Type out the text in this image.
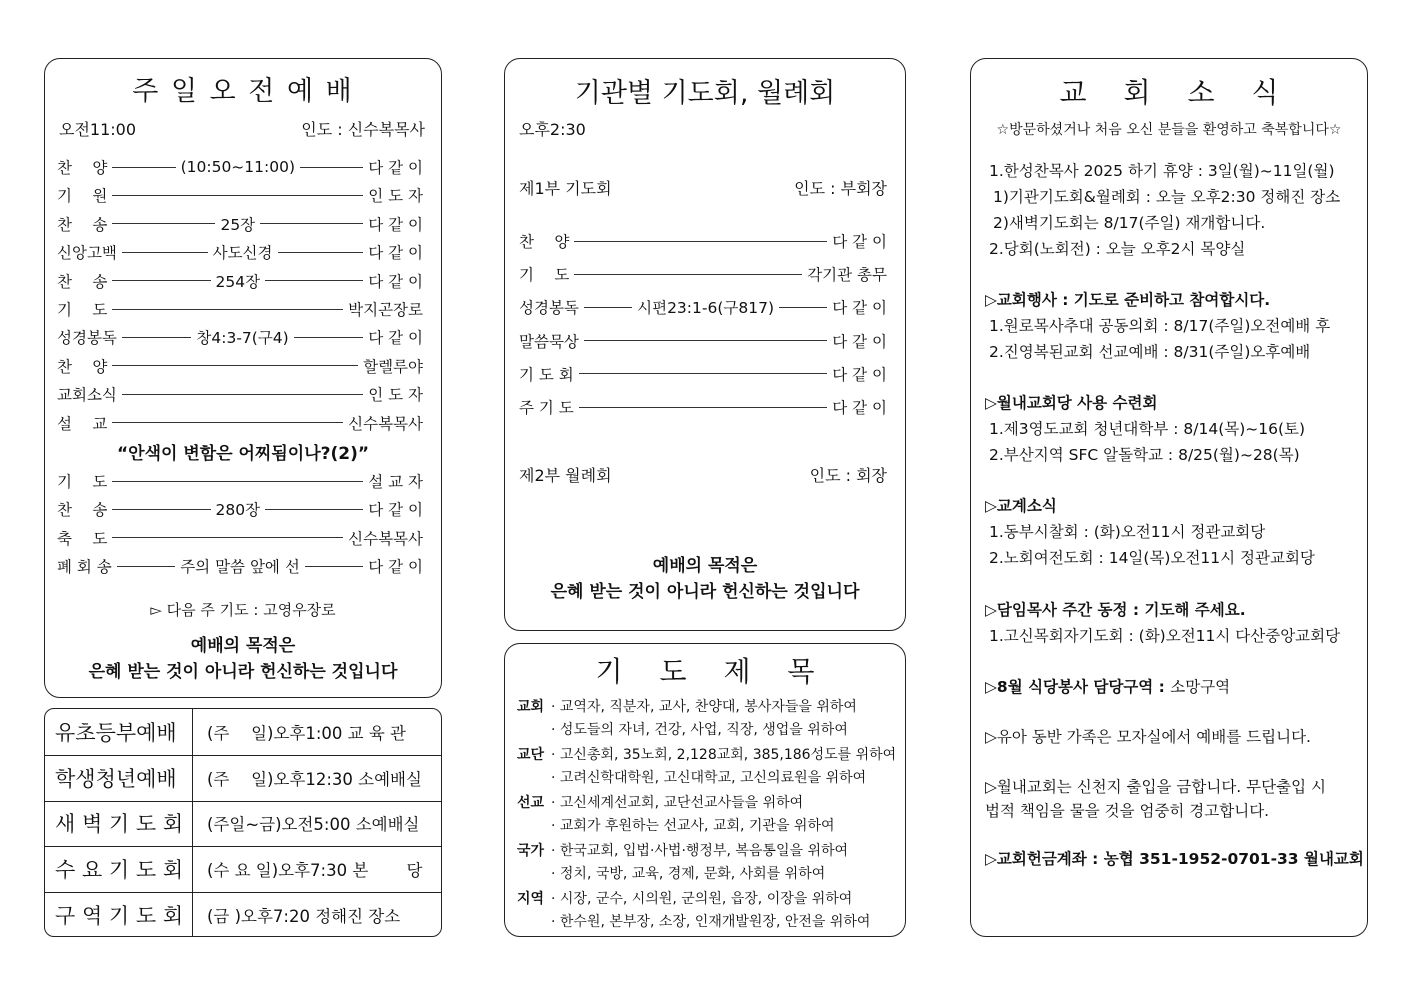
주 일 오 전 예 배
오전11:00	인도 : 신수복목사
찬　 양	(10:50~11:00)	다 같 이
기　 원	인 도 자
찬　 송	25장	다 같 이
신앙고백	사도신경	다 같 이
찬　 송	254장	다 같 이
기　 도	박지곤장로
성경봉독	창4:3-7(구4)	다 같 이
찬　 양	할렐루야
교회소식	인 도 자
설　 교	신수복목사
“안색이 변함은 어찌됨이나?(2)”
기　 도	설 교 자
찬　 송	280장	다 같 이
축　 도	신수복목사
폐 회 송	주의 말씀 앞에 선	다 같 이
▻ 다음 주 기도 : 고영우장로
예배의 목적은
은혜 받는 것이 아니라 헌신하는 것입니다
유초등부예배	(주　 일)오후1:00 교 육 관
학생청년예배	(주　 일)오후12:30 소예배실
새 벽 기 도 회	(주일~금)오전5:00 소예배실
수 요 기 도 회	(수 요 일)오후7:30 본　　 당
구 역 기 도 회	(금 )오후7:20 정해진 장소
기관별 기도회, 월례회
오후2:30
제1부 기도회	인도 : 부회장
찬　 양	다 같 이
기　 도	각기관 총무
성경봉독	시편23:1-6(구817)	다 같 이
말씀묵상	다 같 이
기 도 회	다 같 이
주 기 도	다 같 이
제2부 월례회	인도 : 회장
예배의 목적은
은혜 받는 것이 아니라 헌신하는 것입니다
기　 도　 제　 목
교회 · 교역자, 직분자, 교사, 찬양대, 봉사자들을 위하여
· 성도들의 자녀, 건강, 사업, 직장, 생업을 위하여
교단 · 고신총회, 35노회, 2,128교회, 385,186성도를 위하여
· 고려신학대학원, 고신대학교, 고신의료원을 위하여
선교 · 고신세계선교회, 교단선교사들을 위하여
· 교회가 후원하는 선교사, 교회, 기관을 위하여
국가 · 한국교회, 입법·사법·행정부, 복음통일을 위하여
· 정치, 국방, 교육, 경제, 문화, 사회를 위하여
지역 · 시장, 군수, 시의원, 군의원, 읍장, 이장을 위하여
· 한수원, 본부장, 소장, 인재개발원장, 안전을 위하여
교　 회　 소　 식
☆방문하셨거나 처음 오신 분들을 환영하고 축복합니다☆
1.한성찬목사 2025 하기 휴양 : 3일(월)~11일(월)
1)기관기도회&월례회 : 오늘 오후2:30 정해진 장소
2)새벽기도회는 8/17(주일) 재개합니다.
2.당회(노회전) : 오늘 오후2시 목양실
▷교회행사 : 기도로 준비하고 참여합시다.
1.원로목사추대 공동의회 : 8/17(주일)오전예배 후
2.진영복된교회 선교예배 : 8/31(주일)오후예배
▷월내교회당 사용 수련회
1.제3영도교회 청년대학부 : 8/14(목)~16(토)
2.부산지역 SFC 알돌학교 : 8/25(월)~28(목)
▷교계소식
1.동부시찰회 : (화)오전11시 정관교회당
2.노회여전도회 : 14일(목)오전11시 정관교회당
▷담임목사 주간 동정 : 기도해 주세요.
1.고신목회자기도회 : (화)오전11시 다산중앙교회당
▷8월 식당봉사 담당구역 : 소망구역
▷유아 동반 가족은 모자실에서 예배를 드립니다.
▷월내교회는 신천지 출입을 금합니다. 무단출입 시
법적 책임을 물을 것을 엄중히 경고합니다.
▷교회헌금계좌 : 농협 351-1952-0701-33 월내교회
